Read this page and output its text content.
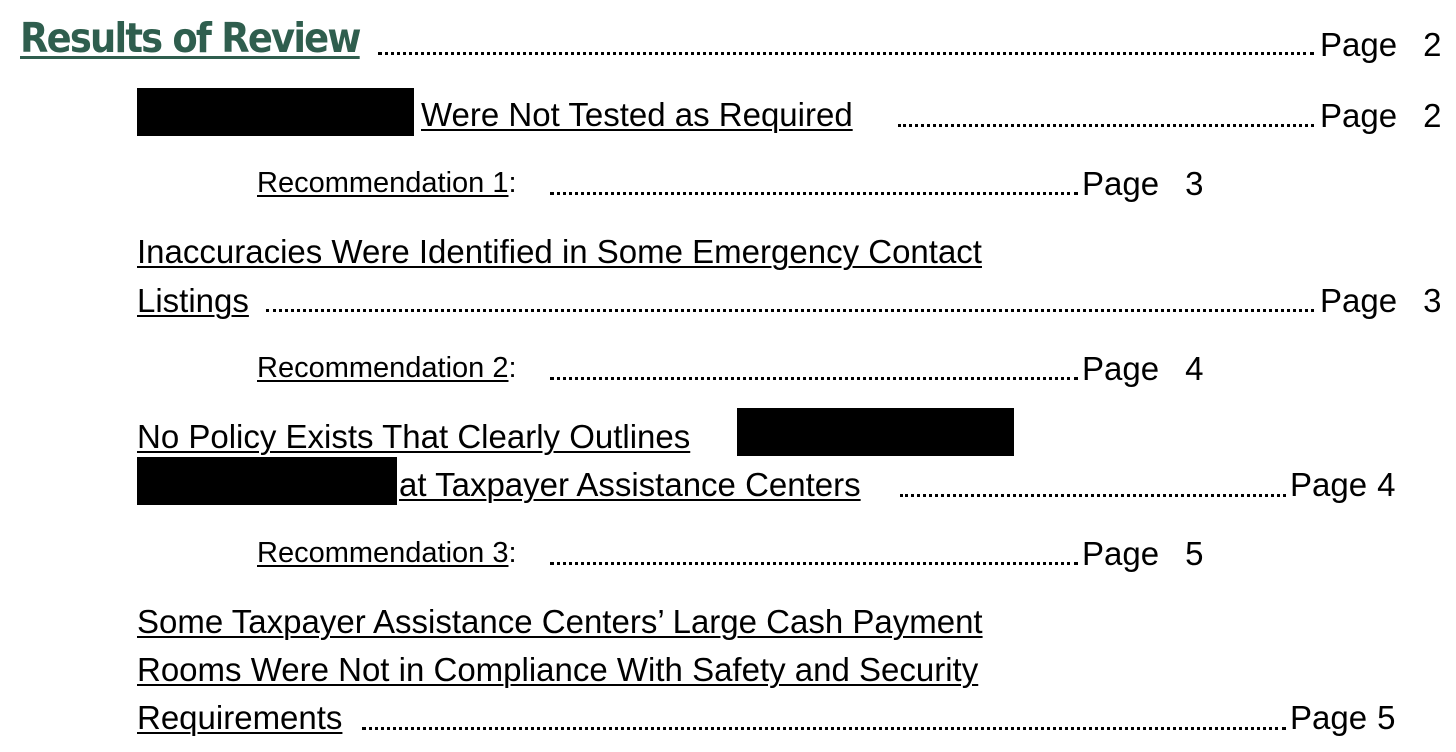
Results of Review	Page 2
Were Not Tested as Required	Page 2
Recommendation 1:	Page 3
Inaccuracies Were Identified in Some Emergency Contact
Listings	Page 3
Recommendation 2:	Page 4
No Policy Exists That Clearly Outlines
at Taxpayer Assistance Centers	Page 4
Recommendation 3:	Page 5
Some Taxpayer Assistance Centers’ Large Cash Payment
Rooms Were Not in Compliance With Safety and Security
Requirements	Page 5
